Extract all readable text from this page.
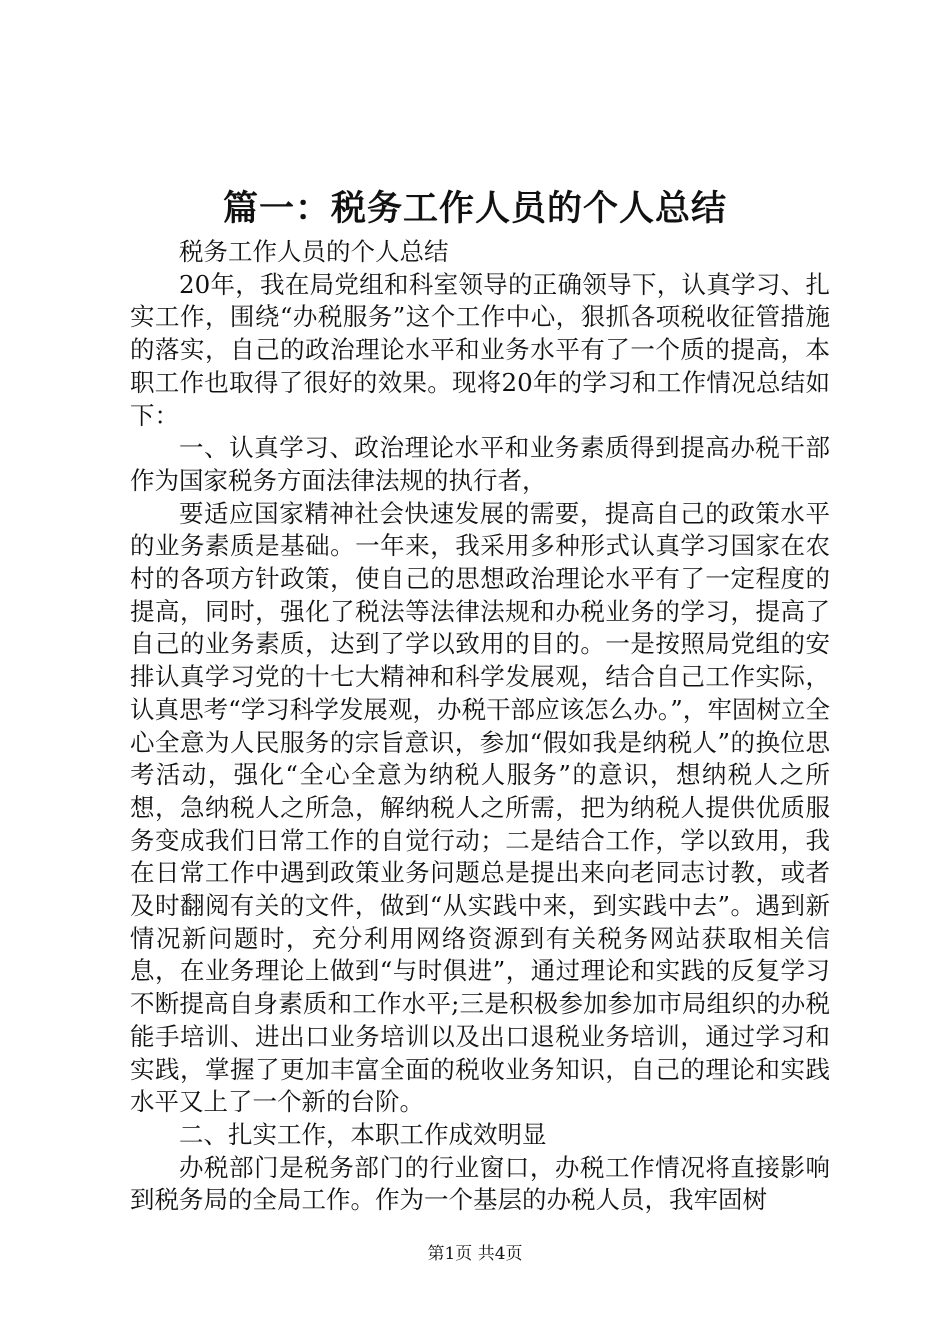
篇一：税务工作人员的个人总结

税务工作人员的个人总结

20年，我在局党组和科室领导的正确领导下，认真学习、扎实工作，围绕“办税服务”这个工作中心，狠抓各项税收征管措施的落实，自己的政治理论水平和业务水平有了一个质的提高，本职工作也取得了很好的效果。现将20年的学习和工作情况总结如下：

一、认真学习、政治理论水平和业务素质得到提高办税干部作为国家税务方面法律法规的执行者，

要适应国家精神社会快速发展的需要，提高自己的政策水平的业务素质是基础。一年来，我采用多种形式认真学习国家在农村的各项方针政策，使自己的思想政治理论水平有了一定程度的提高，同时，强化了税法等法律法规和办税业务的学习，提高了自己的业务素质，达到了学以致用的目的。一是按照局党组的安排认真学习党的十七大精神和科学发展观，结合自己工作实际，认真思考“学习科学发展观，办税干部应该怎么办。”，牢固树立全心全意为人民服务的宗旨意识，参加“假如我是纳税人”的换位思考活动，强化“全心全意为纳税人服务”的意识，想纳税人之所想，急纳税人之所急，解纳税人之所需，把为纳税人提供优质服务变成我们日常工作的自觉行动；二是结合工作，学以致用，我在日常工作中遇到政策业务问题总是提出来向老同志讨教，或者及时翻阅有关的文件，做到“从实践中来，到实践中去”。遇到新情况新问题时，充分利用网络资源到有关税务网站获取相关信息，在业务理论上做到“与时俱进”，通过理论和实践的反复学习不断提高自身素质和工作水平;三是积极参加参加市局组织的办税能手培训、进出口业务培训以及出口退税业务培训，通过学习和实践，掌握了更加丰富全面的税收业务知识，自己的理论和实践水平又上了一个新的台阶。

二、扎实工作，本职工作成效明显

办税部门是税务部门的行业窗口，办税工作情况将直接影响到税务局的全局工作。作为一个基层的办税人员，我牢固树

第1页 共4页
